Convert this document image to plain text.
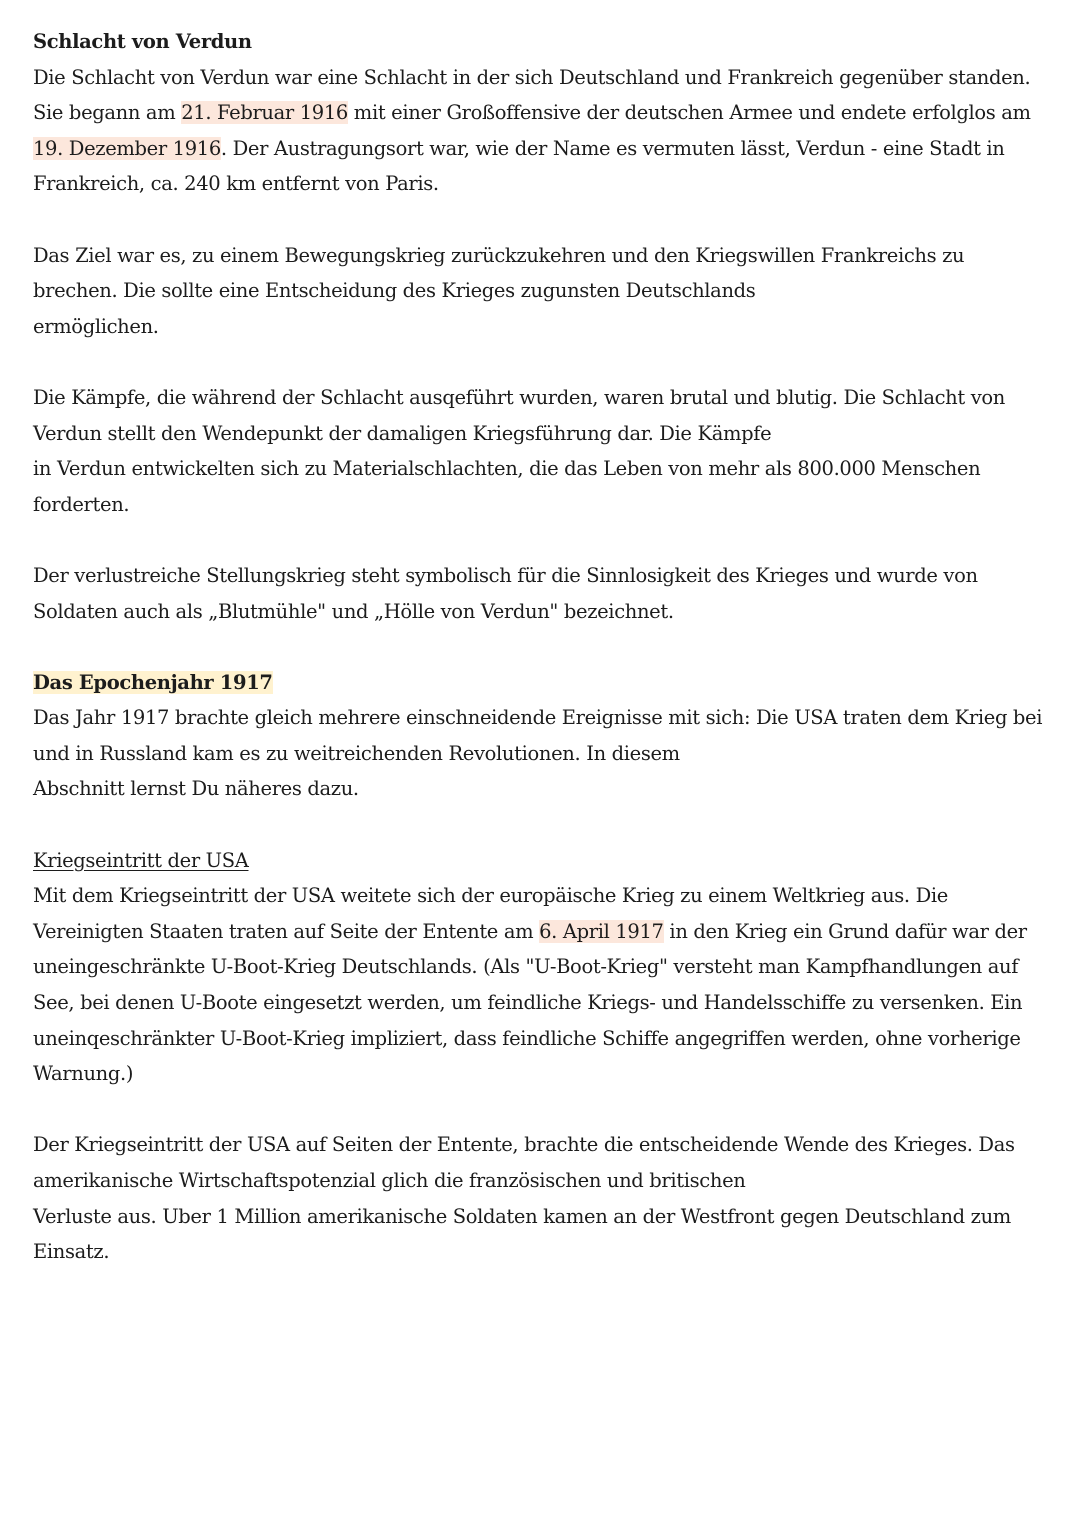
Schlacht von Verdun
Die Schlacht von Verdun war eine Schlacht in der sich Deutschland und Frankreich gegenüber standen.
Sie begann am 21. Februar 1916 mit einer Großoffensive der deutschen Armee und endete erfolglos am
19. Dezember 1916. Der Austragungsort war, wie der Name es vermuten lässt, Verdun - eine Stadt in
Frankreich, ca. 240 km entfernt von Paris.
Das Ziel war es, zu einem Bewegungskrieg zurückzukehren und den Kriegswillen Frankreichs zu
brechen. Die sollte eine Entscheidung des Krieges zugunsten Deutschlands
ermöglichen.
Die Kämpfe, die während der Schlacht ausqeführt wurden, waren brutal und blutig. Die Schlacht von
Verdun stellt den Wendepunkt der damaligen Kriegsführung dar. Die Kämpfe
in Verdun entwickelten sich zu Materialschlachten, die das Leben von mehr als 800.000 Menschen
forderten.
Der verlustreiche Stellungskrieg steht symbolisch für die Sinnlosigkeit des Krieges und wurde von
Soldaten auch als „Blutmühle" und „Hölle von Verdun" bezeichnet.
Das Epochenjahr 1917
Das Jahr 1917 brachte gleich mehrere einschneidende Ereignisse mit sich: Die USA traten dem Krieg bei
und in Russland kam es zu weitreichenden Revolutionen. In diesem
Abschnitt lernst Du näheres dazu.
Kriegseintritt der USA
Mit dem Kriegseintritt der USA weitete sich der europäische Krieg zu einem Weltkrieg aus. Die
Vereinigten Staaten traten auf Seite der Entente am 6. April 1917 in den Krieg ein Grund dafür war der
uneingeschränkte U-Boot-Krieg Deutschlands. (Als "U-Boot-Krieg" versteht man Kampfhandlungen auf
See, bei denen U-Boote eingesetzt werden, um feindliche Kriegs- und Handelsschiffe zu versenken. Ein
uneinqeschränkter U-Boot-Krieg impliziert, dass feindliche Schiffe angegriffen werden, ohne vorherige
Warnung.)
Der Kriegseintritt der USA auf Seiten der Entente, brachte die entscheidende Wende des Krieges. Das
amerikanische Wirtschaftspotenzial glich die französischen und britischen
Verluste aus. Uber 1 Million amerikanische Soldaten kamen an der Westfront gegen Deutschland zum
Einsatz.
